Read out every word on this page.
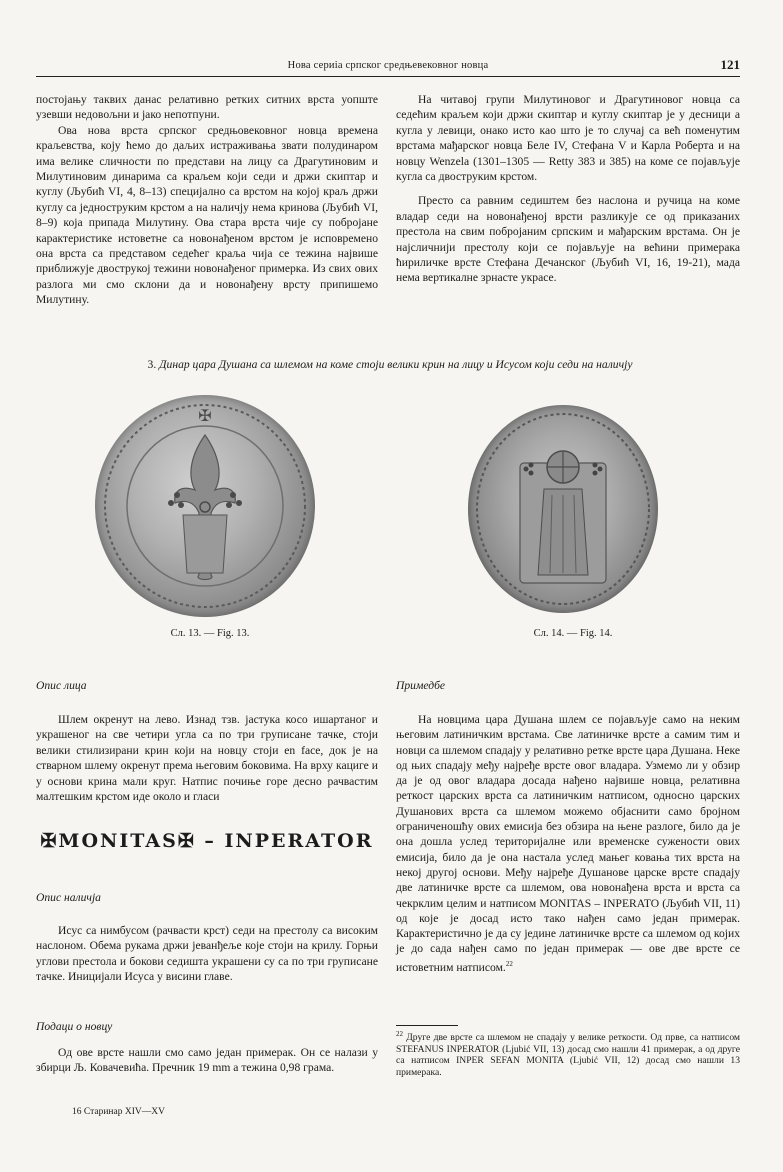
Нова сериіа српског средњевековног новца	121

постојању таквих данас релативно ретких ситних врста уопште узевши недовољни и јако непотпуни.

Ова нова врста српског средњовековног новца времена краљевства, коју ћемо до даљих истраживања звати полудинаром има велике сличности по представи на лицу са Драгутиновим и Милутиновим динарима са краљем који седи и држи скиптар и куглу (Љубић VI, 4, 8–13) специјално са врстом на којој краљ држи куглу са једноструким крстом а на наличју нема кринова (Љубић VI, 8–9) која припада Милутину. Ова стара врста чије су побројане карактеристике истоветне са новонађеном врстом је исповремено она врста са представом седећег краља чија се тежина највише приближује двострукој тежини новонађеног примерка. Из свих ових разлога ми смо склони да и новонађену врсту припишемо Милутину.

На читавој групи Милутиновог и Драгутиновог новца са седећим краљем који држи скиптар и куглу скиптар је у десници а кугла у левици, онако исто као што је то случај са већ поменутим врстама мађарског новца Беле IV, Стефана V и Карла Роберта и на новцу Wenzela (1301–1305 — Retty 383 и 385) на коме се појављује кугла са двоструким крстом.

Престо са равним седиштем без наслона и ручица на коме владар седи на новонађеној врсти разликује се од приказаних престола на свим побројаним српским и мађарским врстама. Он је најсличнији престолу који се појављује на већини примерака ћириличке врсте Стефана Дечанског (Љубић VI, 16, 19-21), мада нема вертикалне зрнасте украсе.

3. Динар цара Душана са шлемом на коме стоји велики крин на лицу и Исусом који седи на наличју
✠
Сл. 13. — Fig. 13.	Сл. 14. — Fig. 14.
Опис лица

Шлем окренут на лево. Изнад тзв. јастука косо ишартаног и украшеног на све четири угла са по три груписане тачке, стоји велики стилизирани крин који на новцу стоји en face, док је на стварном шлему окренут према његовим боковима. На врху кациге и у основи крина мали круг. Натпис почиње горе десно рачвастим малтешким крстом иде около и гласи

✠MONITAS✠ – INPERATOR
Опис наличја

Исус са нимбусом (рачвасти крст) седи на престолу са високим наслоном. Обема рукама држи јеванђеље које стоји на крилу. Горњи углови престола и бокови седишта украшени су са по три груписане тачке. Иницијали Исуса у висини главе.

Подаци о новцу

Од ове врсте нашли смо само један примерак. Он се налази у збирци Љ. Ковачевића. Пречник 19 mm а тежина 0,98 грама.

Примедбе

На новцима цара Душана шлем се појављује само на неким његовим латиничким врстама. Све латиничке врсте а самим тим и новци са шлемом спадају у релативно ретке врсте цара Душана. Неке од њих спадају међу најређе врсте овог владара. Узмемо ли у обзир да је од овог владара досада нађено највише новца, релативна реткост царских врста са латиничким натписом, односно царских Душанових врста са шлемом можемо објаснити само бројном ограниченошћу ових емисија без обзира на њене разлоге, било да је она дошла услед територијалне или временске сужености ових емисија, било да је она настала услед мањег ковања тих врста на некој другој основи. Међу најређе Душанове царске врсте спадају две латиничке врсте са шлемом, ова новонађена врста и врста са чекрклим целим и натписом MONITAS – INPERATO (Љубић VII, 11) од које је досад исто тако нађен само један примерак. Карактеристично је да су једине латиничке врсте са шлемом од којих је до сада нађен само по један примерак — ове две врсте се истоветним натписом.$^{22}$

$^{22}$ Друге две врсте са шлемом не спадају у велике реткости. Од прве, са натписом STEFANUS INPERATOR (Ljubić VII, 13) досад смо нашли 41 примерак, а од друге са натписом INPER SEFAN MONITA (Ljubić VII, 12) досад смо нашли 13 примерака.
16 Старинар XIV—XV
